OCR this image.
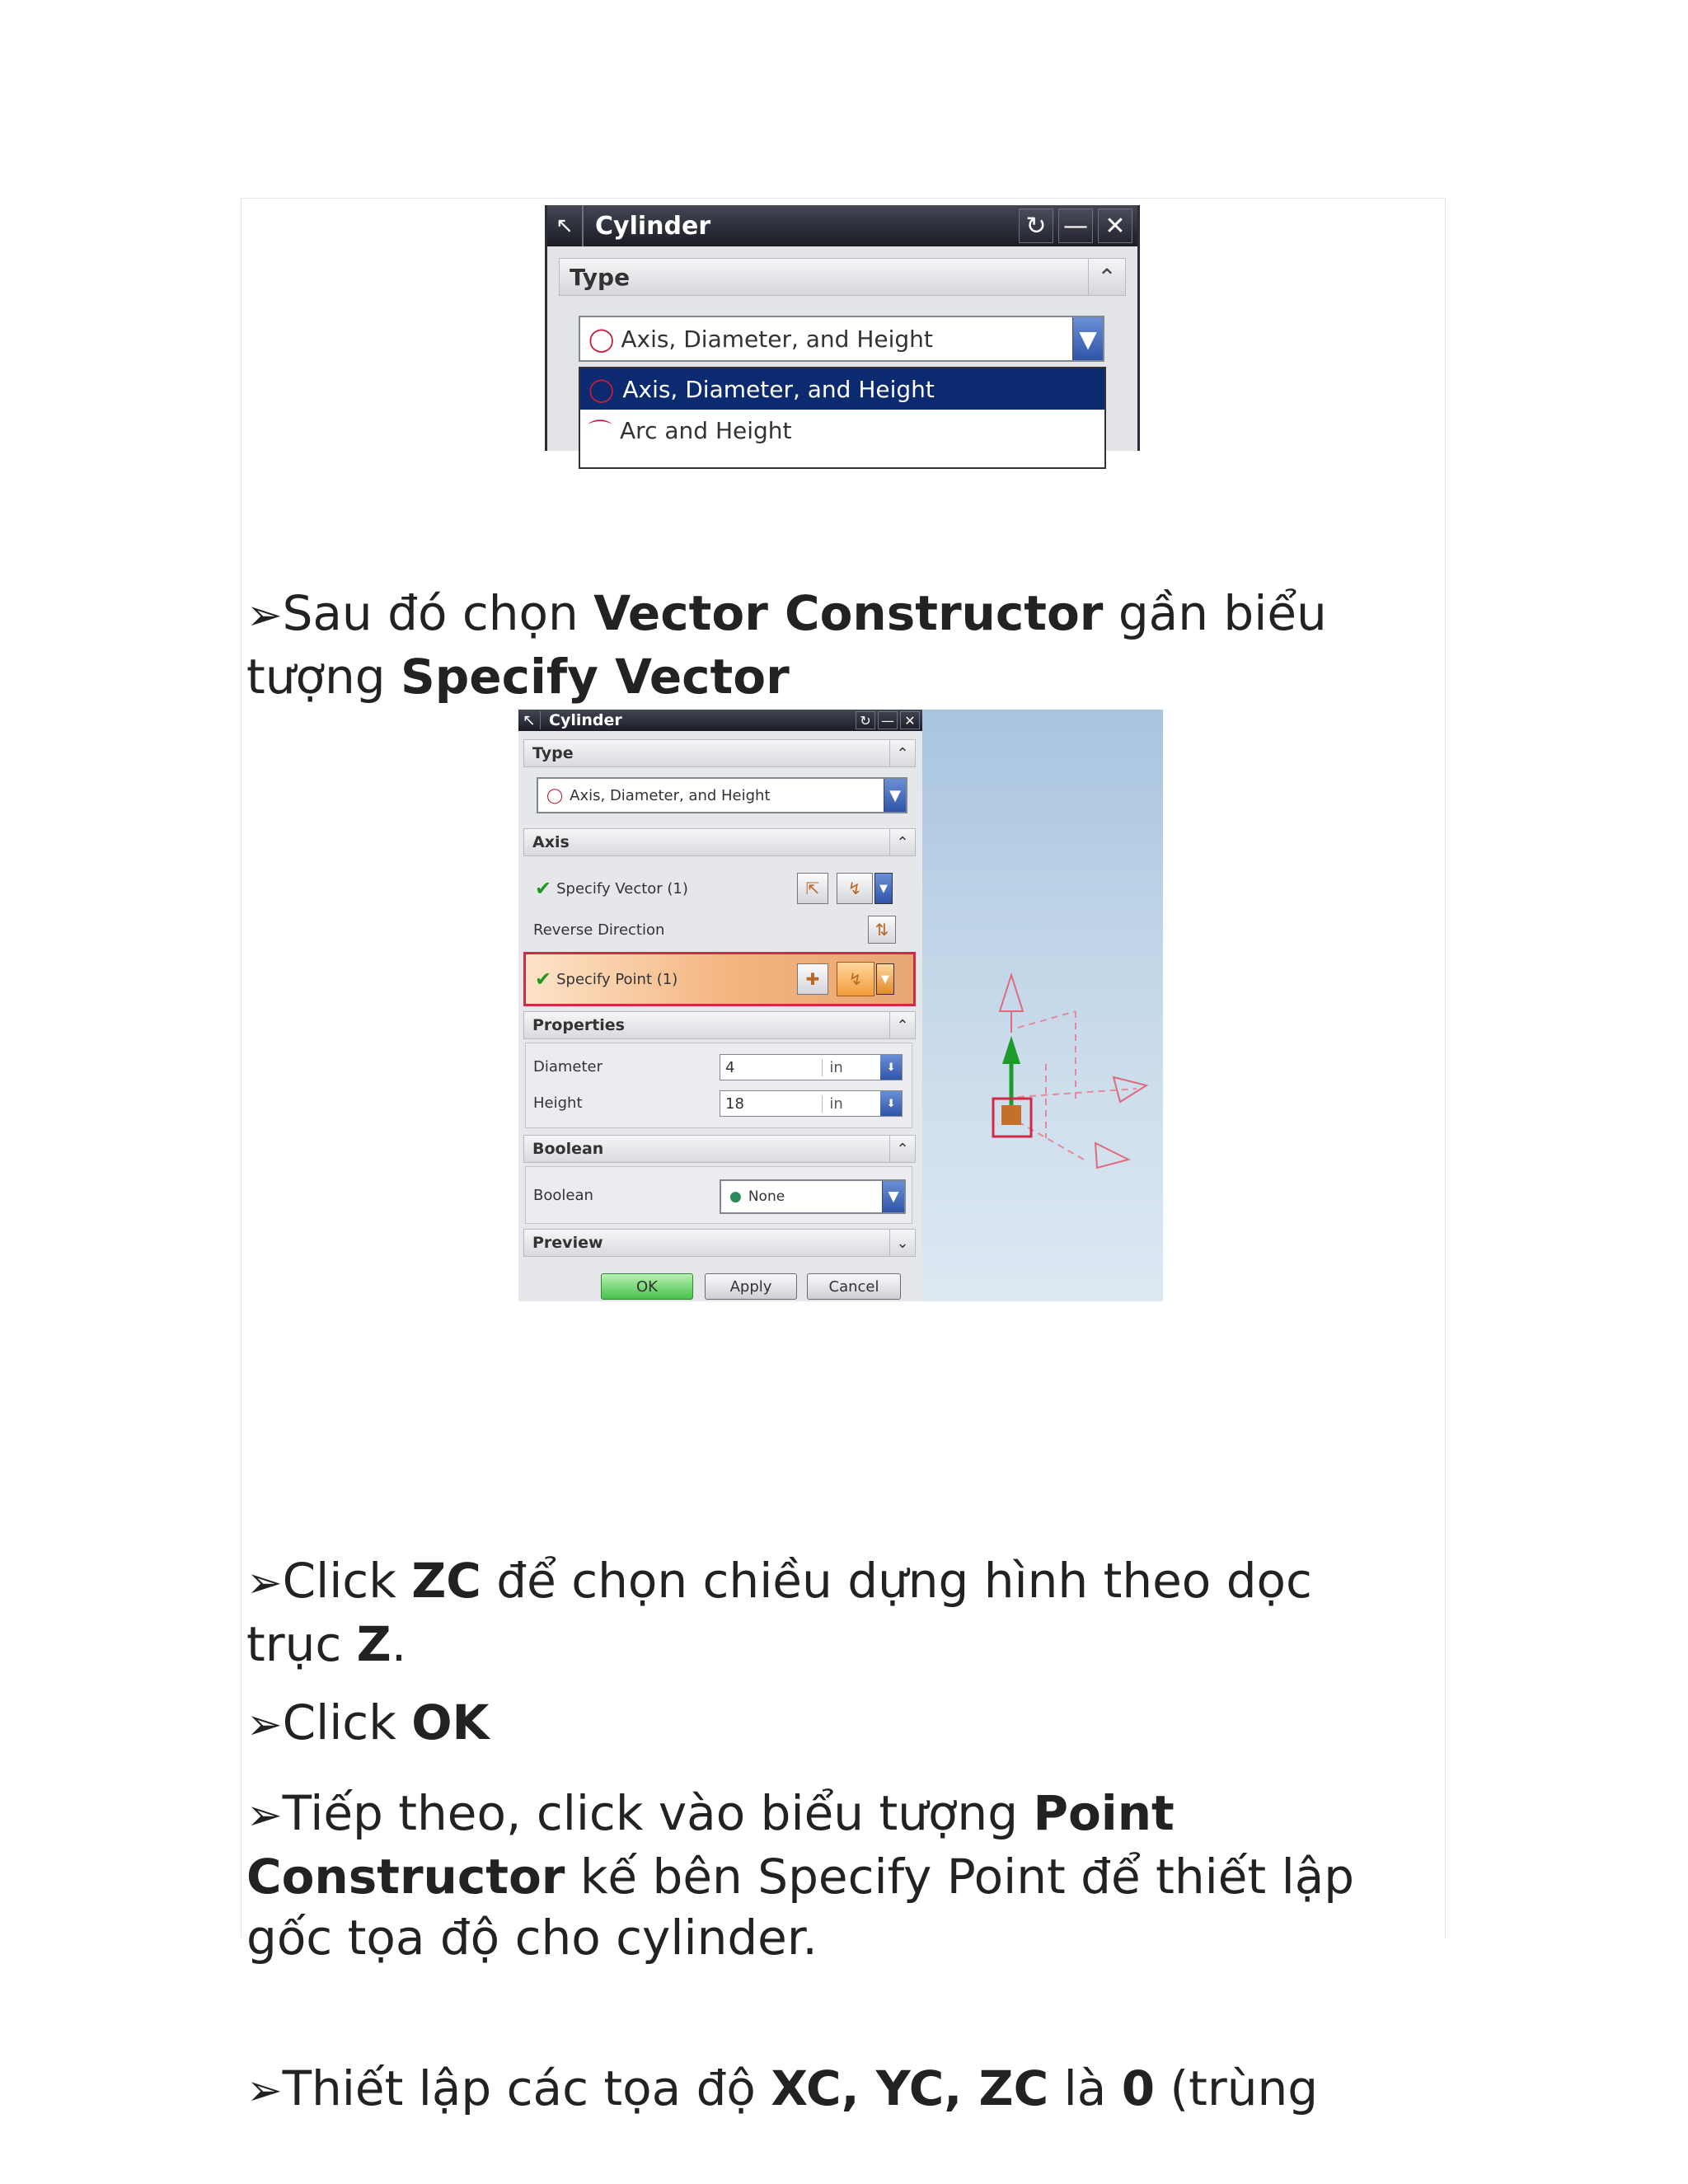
↖ Cylinder	↻ — ✕
Type	⌃
◯ Axis, Diameter, and Height	▼
◯ Axis, Diameter, and Height
⌒ Arc and Height
➢Sau đó chọn Vector Constructor gần biểu
tượng Specify Vector
↖ Cylinder	↻ — ✕
Type	⌃
◯ Axis, Diameter, and Height	▼
Axis	⌃
✔ Specify Vector (1)	⇱	↯	▼
Reverse Direction	⇅
✔ Specify Point (1)	✚	↯	▼
Properties	⌃
Diameter	4	in	⬇
Height	18	in	⬇
Boolean	⌃
Boolean	● None	▼
Preview	⌄
OK	Apply	Cancel
➢Click ZC để chọn chiều dựng hình theo dọc
trục Z.
➢Click OK
➢Tiếp theo, click vào biểu tượng Point
Constructor kế bên Specify Point để thiết lập
gốc tọa độ cho cylinder.
➢Thiết lập các tọa độ XC, YC, ZC là 0 (trùng
